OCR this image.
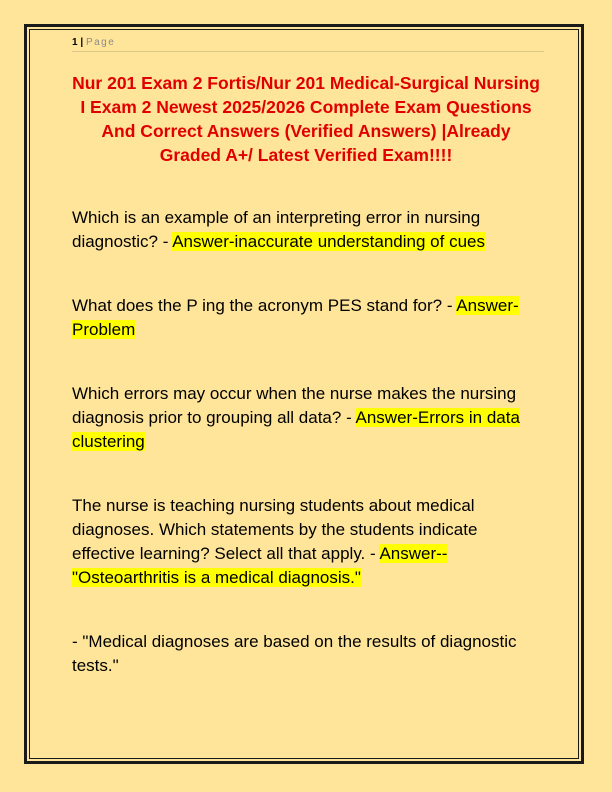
1 | Page
Nur 201 Exam 2 Fortis/Nur 201 Medical-Surgical Nursing I Exam 2 Newest 2025/2026 Complete Exam Questions And Correct Answers (Verified Answers) |Already Graded A+/ Latest Verified Exam!!!!

Which is an example of an interpreting error in nursing diagnostic? - Answer-inaccurate understanding of cues

What does the P ing the acronym PES stand for? - Answer-Problem

Which errors may occur when the nurse makes the nursing diagnosis prior to grouping all data? - Answer-Errors in data clustering

The nurse is teaching nursing students about medical diagnoses. Which statements by the students indicate effective learning? Select all that apply. - Answer--"Osteoarthritis is a medical diagnosis."

- "Medical diagnoses are based on the results of diagnostic tests."
